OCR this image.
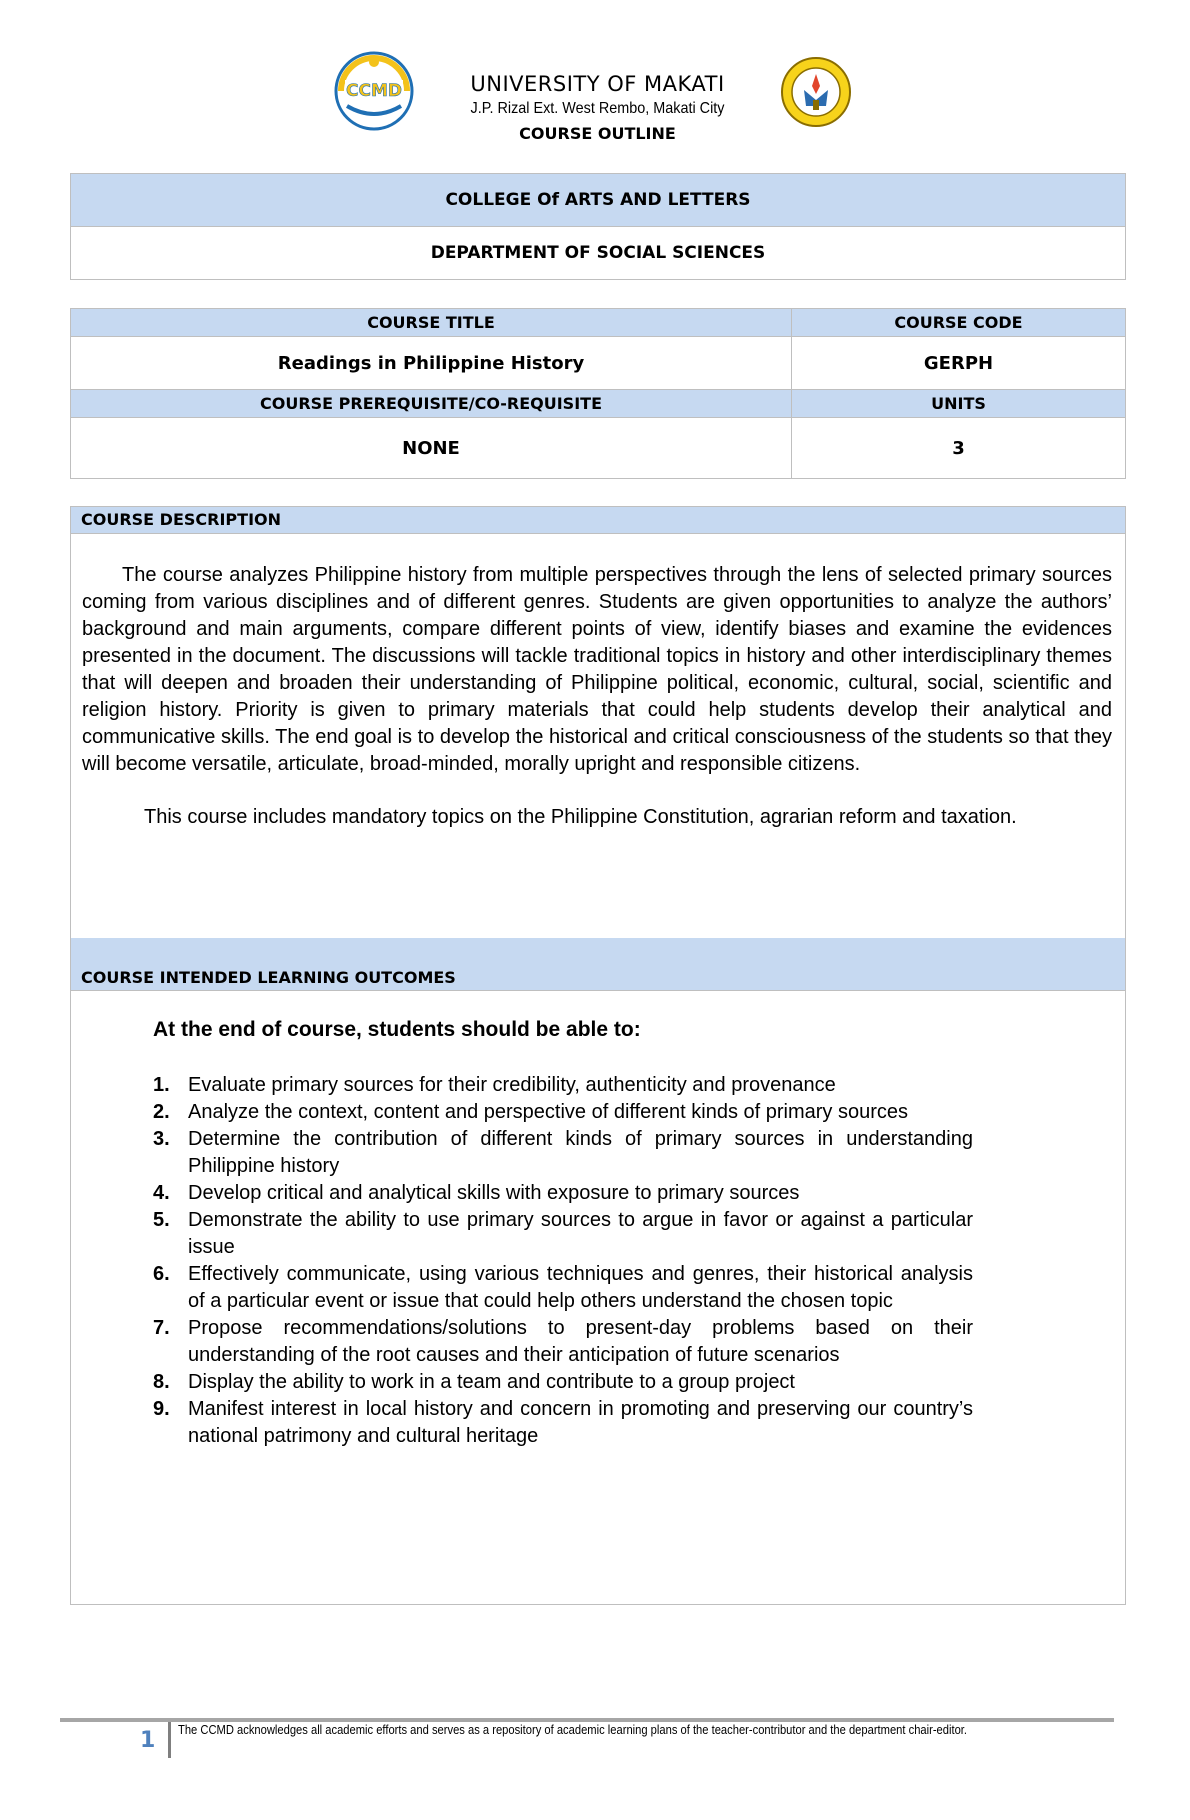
CCMD	UNIVERSITY OF MAKATI
J.P. Rizal Ext. West Rembo, Makati City
COURSE OUTLINE
COLLEGE Of ARTS AND LETTERS
DEPARTMENT OF SOCIAL SCIENCES
COURSE TITLE	COURSE CODE
Readings in Philippine History	GERPH
COURSE PREREQUISITE/CO-REQUISITE	UNITS
NONE	3
COURSE DESCRIPTION

The course analyzes Philippine history from multiple perspectives through the lens of selected primary sources coming from various disciplines and of different genres. Students are given opportunities to analyze the authors’ background and main arguments, compare different points of view, identify biases and examine the evidences presented in the document. The discussions will tackle traditional topics in history and other interdisciplinary themes that will deepen and broaden their understanding of Philippine political, economic, cultural, social, scientific and religion history. Priority is given to primary materials that could help students develop their analytical and communicative skills. The end goal is to develop the historical and critical consciousness of the students so that they will become versatile, articulate, broad-minded, morally upright and responsible citizens.

This course includes mandatory topics on the Philippine Constitution, agrarian reform and taxation.

COURSE INTENDED LEARNING OUTCOMES
At the end of course, students should be able to:
1. Evaluate primary sources for their credibility, authenticity and provenance
2. Analyze the context, content and perspective of different kinds of primary sources
3. Determine the contribution of different kinds of primary sources in understanding Philippine history
4. Develop critical and analytical skills with exposure to primary sources
5. Demonstrate the ability to use primary sources to argue in favor or against a particular issue
6. Effectively communicate, using various techniques and genres, their historical analysis of a particular event or issue that could help others understand the chosen topic
7. Propose recommendations/solutions to present-day problems based on their understanding of the root causes and their anticipation of future scenarios
8. Display the ability to work in a team and contribute to a group project
9. Manifest interest in local history and concern in promoting and preserving our country’s national patrimony and cultural heritage
1 The CCMD acknowledges all academic efforts and serves as a repository of academic learning plans of the teacher-contributor and the department chair-editor.
